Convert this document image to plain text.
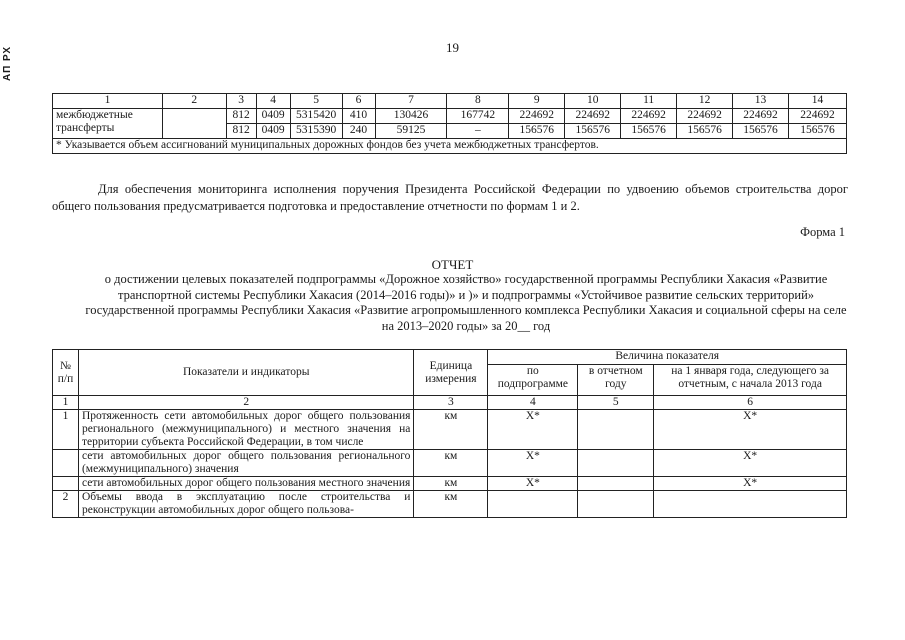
АП РХ	19
1	2	3	4	5	6	7	8	9	10	11	12	13	14
межбюджетные трансферты		812	0409	5315420	410	130426	167742	224692	224692	224692	224692	224692	224692
		812	0409	5315390	240	59125	–	156576	156576	156576	156576	156576	156576
* Указывается объем ассигнований муниципальных дорожных фондов без учета межбюджетных трансфертов.													
Для обеспечения мониторинга исполнения поручения Президента Российской Федерации по удвоению объемов строительства дорог общего пользования предусматривается подготовка и предоставление отчетности по формам 1 и 2.
Форма 1
ОТЧЕТ
о достижении целевых показателей подпрограммы «Дорожное хозяйство» государственной программы Республики Хакасия «Развитие транспортной системы Республики Хакасия (2014–2016 годы)» и )» и подпрограммы «Устойчивое развитие сельских территорий» государственной программы Республики Хакасия «Развитие агропромышленного комплекса Республики Хакасия и социальной сферы на селе на 2013–2020 годы» за 20__ год
№ п/п	Показатели и индикаторы	Единица измерения	Величина показателя		
			по подпрограмме	в отчетном году	на 1 января года, следующего за отчетным, с начала 2013 года
1	2	3	4	5	6
1	Протяженность сети автомобильных дорог общего пользования регионального (межмуниципального) и местного значения на территории субъекта Российской Федерации, в том числе	км	X*		X*
	сети автомобильных дорог общего пользования регионального (межмуниципального) значения	км	X*		X*
	сети автомобильных дорог общего пользования местного значения	км	X*		X*
2	Объемы ввода в эксплуатацию после строительства и реконструкции автомобильных дорог общего пользова-	км			
